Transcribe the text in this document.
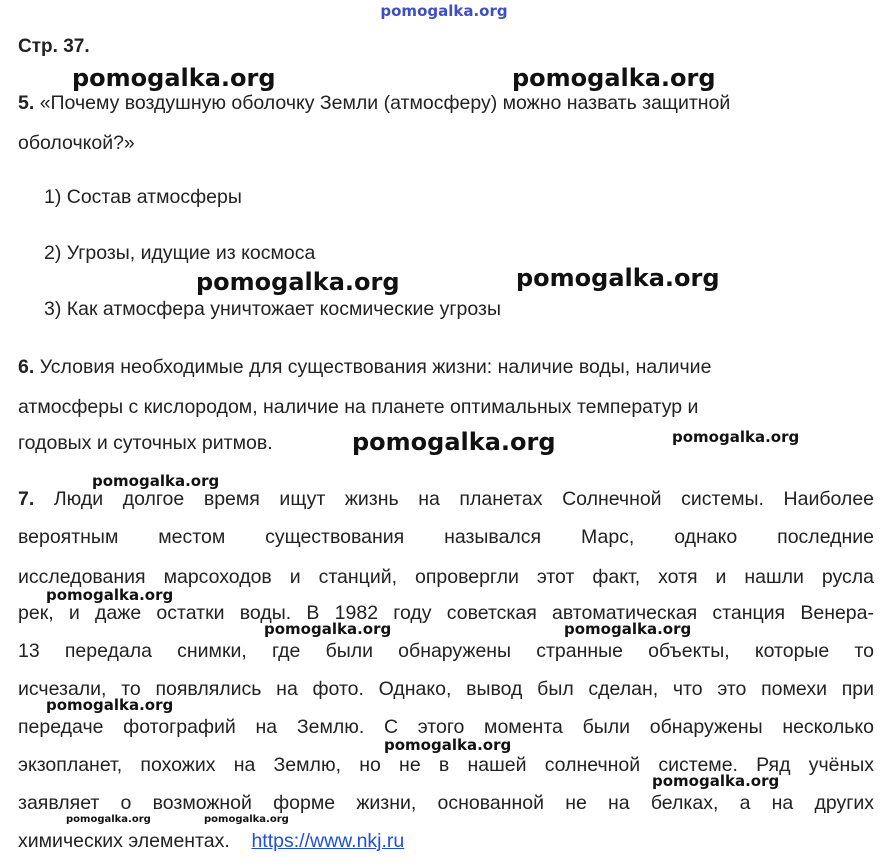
pomogalka.org
Стр. 37.
5. «Почему воздушную оболочку Земли (атмосферу) можно назвать защитной
оболочкой?»
1) Состав атмосферы
2) Угрозы, идущие из космоса
3) Как атмосфера уничтожает космические угрозы
6. Условия необходимые для существования жизни: наличие воды, наличие
атмосферы с кислородом, наличие на планете оптимальных температур и
годовых и суточных ритмов.
7. Люди долгое время ищут жизнь на планетах Солнечной системы. Наиболее
вероятным местом существования назывался Марс, однако последние
исследования марсоходов и станций, опровергли этот факт, хотя и нашли русла
рек, и даже остатки воды. В 1982 году советская автоматическая станция Венера-
13 передала снимки, где были обнаружены странные объекты, которые то
исчезали, то появлялись на фото. Однако, вывод был сделан, что это помехи при
передаче фотографий на Землю. С этого момента были обнаружены несколько
экзопланет, похожих на Землю, но не в нашей солнечной системе. Ряд учёных
заявляет о возможной форме жизни, основанной не на белках, а на других
химических элементах. https://www.nkj.ru
pomogalka.org	pomogalka.org
pomogalka.org	pomogalka.org
pomogalka.org	pomogalka.org
pomogalka.org
pomogalka.org
pomogalka.org	pomogalka.org
pomogalka.org
pomogalka.org
pomogalka.org
pomogalka.org	pomogalka.org
